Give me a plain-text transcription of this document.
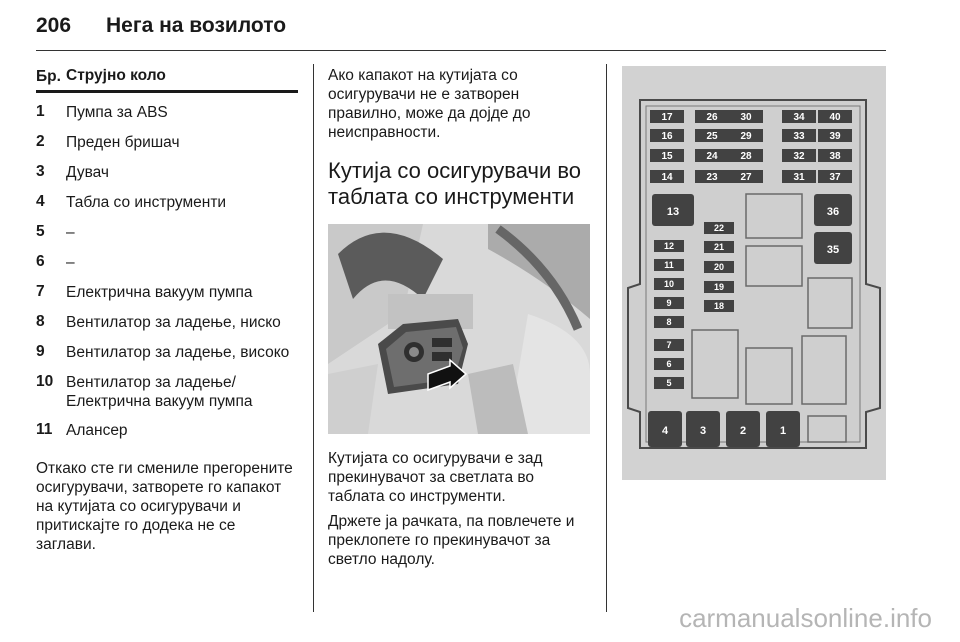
206 Нега на возилото
Бр. Струјно коло
1 Пумпа за ABS
2 Преден бришач
3 Дувач
4 Табла со инструменти
5 –
6 –
7 Електрична вакуум пумпа
8 Вентилатор за ладење, ниско
9 Вентилатор за ладење, високо
10 Вентилатор за ладење/ Електрична вакуум пумпа
11 Алансер
Откако сте ги смениле прегорените осигурувачи, затворете го капакот на кутијата со осигурувачи и притискајте го додека не се заглави.
Ако капакот на кутијата со осигурувачи не е затворен правилно, може да дојде до неисправности.
Кутија со осигурувачи во таблата со инструменти
Кутијата со осигурувачи е зад прекинувачот за светлата во таблата со инструменти.
Држете ја рачката, па повлечете и преклопете го прекинувачот за светло надолу.
17
16
15
14
26
25
24
23
30
29
28
27
34
33
32
31
40
39
38
37
13	36
35
22
21
20
19
18
12
11
10
9
8
7
6
5
4	3	2	1
carmanualsonline.info
